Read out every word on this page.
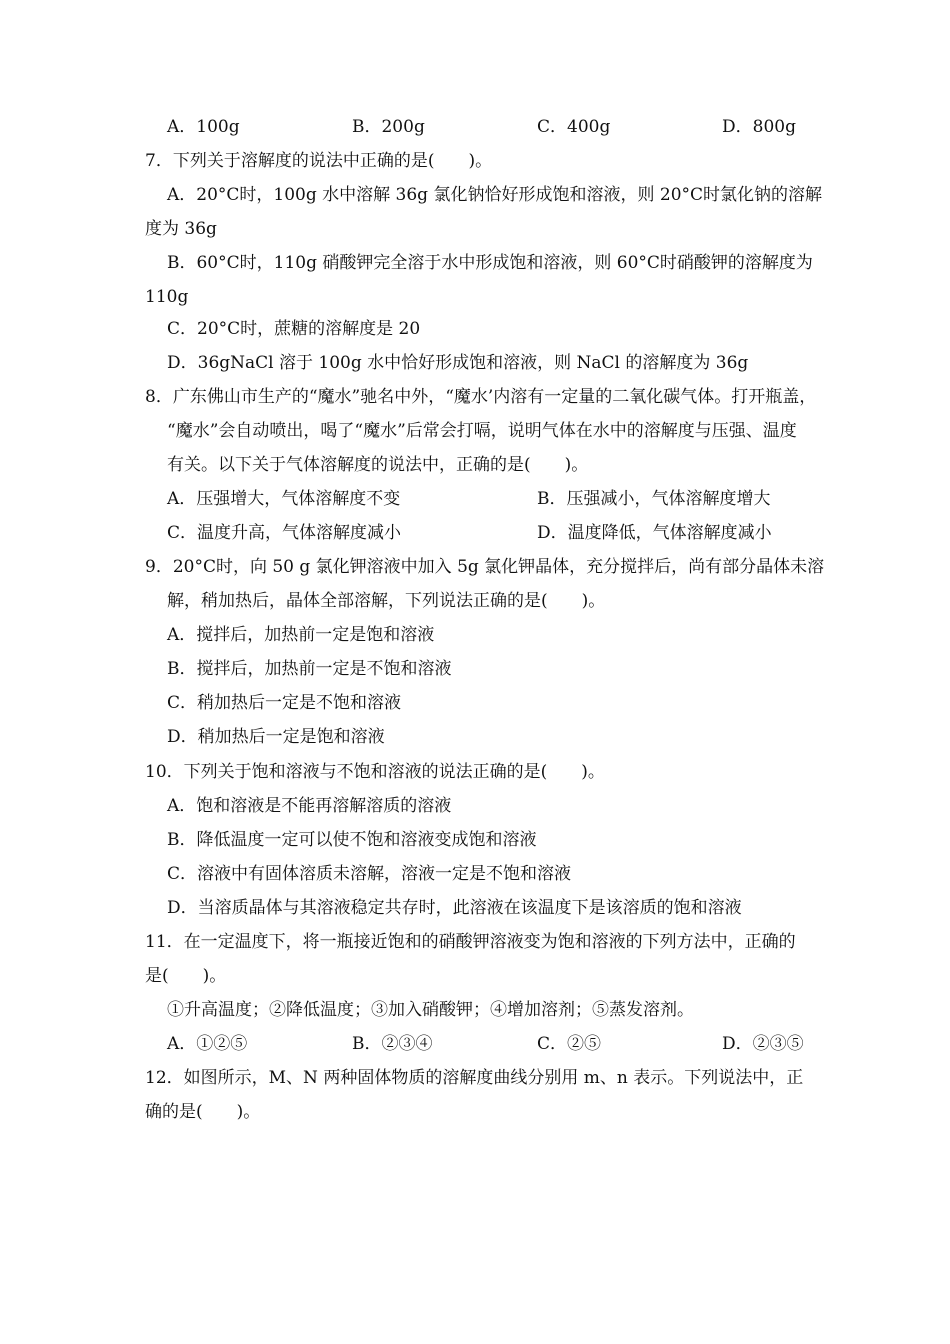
A．100g	B．200g	C．400g	D．800g
7．下列关于溶解度的说法中正确的是(　　)。
A．20°C时，100g 水中溶解 36g 氯化钠恰好形成饱和溶液，则 20°C时氯化钠的溶解
度为 36g
B．60°C时，110g 硝酸钾完全溶于水中形成饱和溶液，则 60°C时硝酸钾的溶解度为
110g
C．20°C时，蔗糖的溶解度是 20
D．36gNaCl 溶于 100g 水中恰好形成饱和溶液，则 NaCl 的溶解度为 36g
8．广东佛山市生产的“魔水”驰名中外，“魔水’内溶有一定量的二氧化碳气体。打开瓶盖，
“魔水”会自动喷出，喝了“魔水”后常会打嗝，说明气体在水中的溶解度与压强、温度
有关。以下关于气体溶解度的说法中，正确的是(　　)。
A．压强增大，气体溶解度不变	B．压强减小，气体溶解度增大
C．温度升高，气体溶解度减小	D．温度降低，气体溶解度减小
9．20°C时，向 50 g 氯化钾溶液中加入 5g 氯化钾晶体，充分搅拌后，尚有部分晶体未溶
解，稍加热后，晶体全部溶解，下列说法正确的是(　　)。
A．搅拌后，加热前一定是饱和溶液
B．搅拌后，加热前一定是不饱和溶液
C．稍加热后一定是不饱和溶液
D．稍加热后一定是饱和溶液
10．下列关于饱和溶液与不饱和溶液的说法正确的是(　　)。
A．饱和溶液是不能再溶解溶质的溶液
B．降低温度一定可以使不饱和溶液变成饱和溶液
C．溶液中有固体溶质未溶解，溶液一定是不饱和溶液
D．当溶质晶体与其溶液稳定共存时，此溶液在该温度下是该溶质的饱和溶液
11．在一定温度下，将一瓶接近饱和的硝酸钾溶液变为饱和溶液的下列方法中，正确的
是(　　)。
①升高温度；②降低温度；③加入硝酸钾；④增加溶剂；⑤蒸发溶剂。
A．①②⑤	B．②③④	C．②⑤	D．②③⑤
12．如图所示，M、N 两种固体物质的溶解度曲线分别用 m、n 表示。下列说法中，正
确的是(　　)。
